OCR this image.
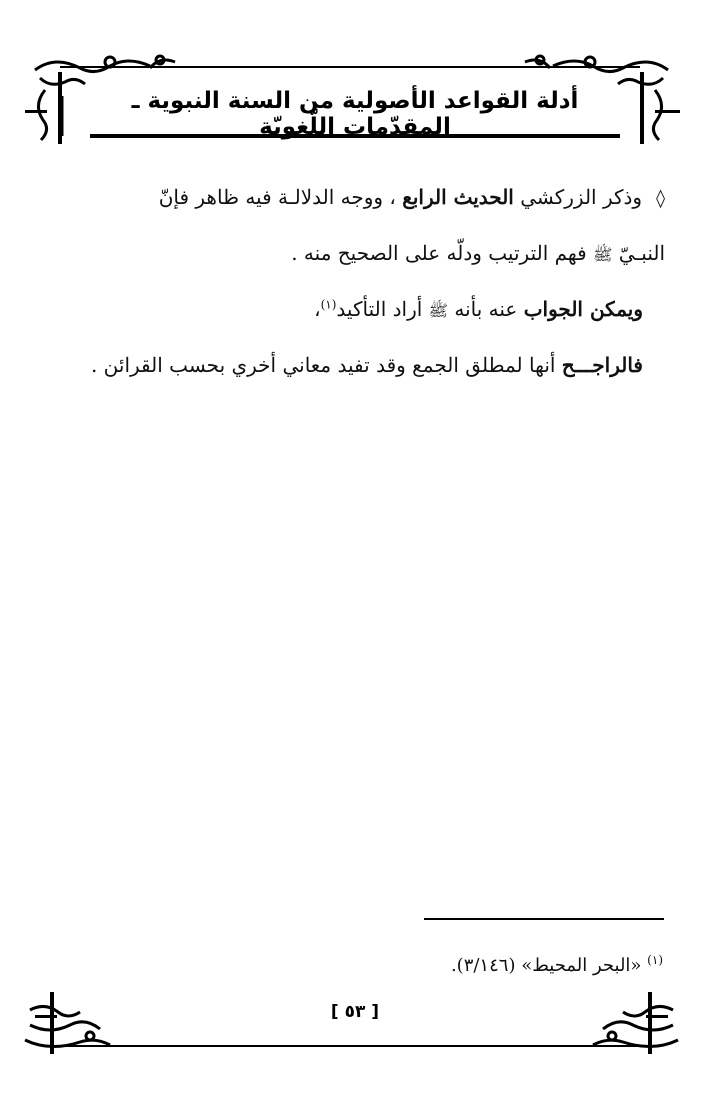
أدلة القواعد الأصولية من السنة النبوية ـ المقدّمات اللّغويّة

◊وذكر الزركشي الحديث الرابع ، ووجه الدلالـة فيه ظاهر فإنّ

النبـيّ ﷺ فهم الترتيب ودلّه على الصحيح منه .

ويمكن الجواب عنه بأنه ﷺ أراد التأكيد$^{(١)}$،

فالراجـــح أنها لمطلق الجمع وقد تفيد معاني أخري بحسب القرائن .

$^{(١)}$ «البحر المحيط» (٣/١٤٦).
[ ٥٣ ]
